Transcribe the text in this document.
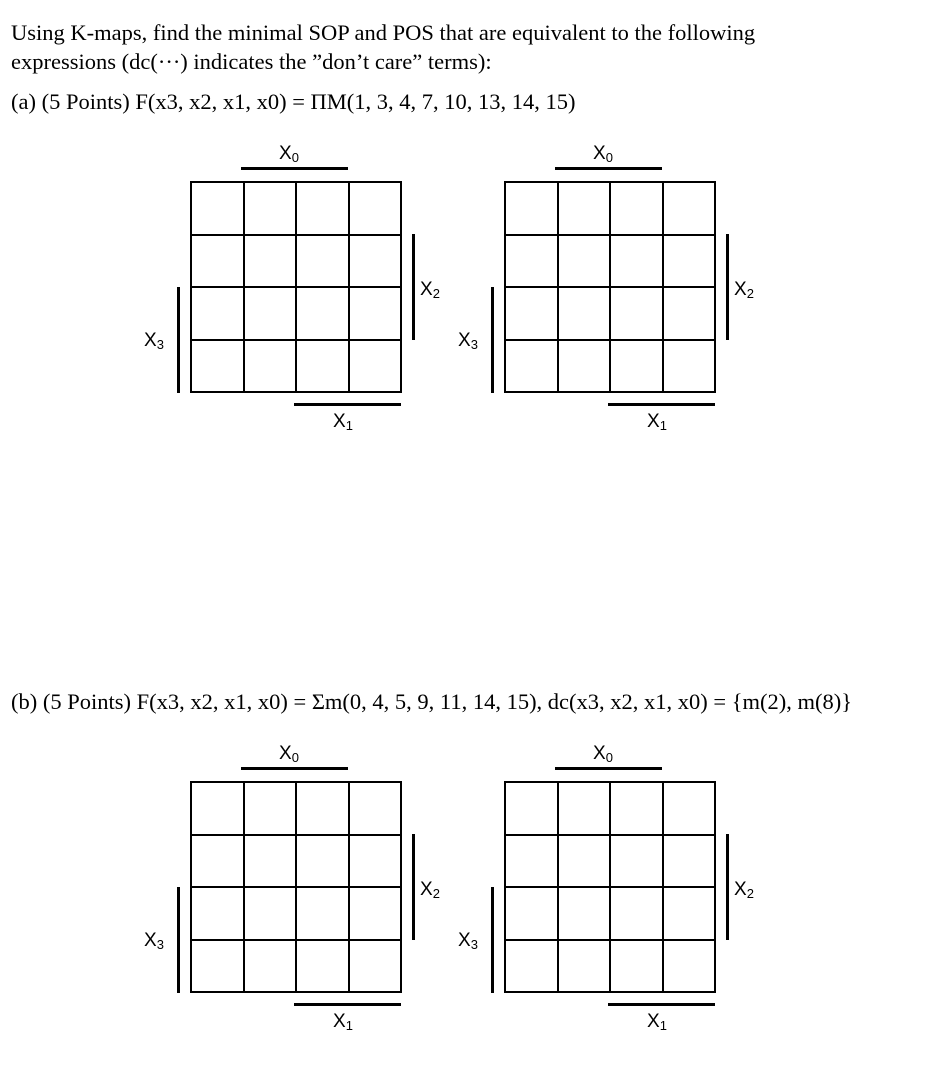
Using K-maps, find the minimal SOP and POS that are equivalent to the following
expressions (dc(···) indicates the ”don’t care” terms):
(a) (5 Points) F(x3, x2, x1, x0) = ΠM(1, 3, 4, 7, 10, 13, 14, 15)
(b) (5 Points) F(x3, x2, x1, x0) = Σm(0, 4, 5, 9, 11, 14, 15), dc(x3, x2, x1, x0) = {m(2), m(8)}
$X_0$

$X_2$
$X_3$
$X_1$
$X_0$

$X_2$
$X_3$
$X_1$
$X_0$

$X_2$
$X_3$
$X_1$
$X_0$

$X_2$
$X_3$
$X_1$
